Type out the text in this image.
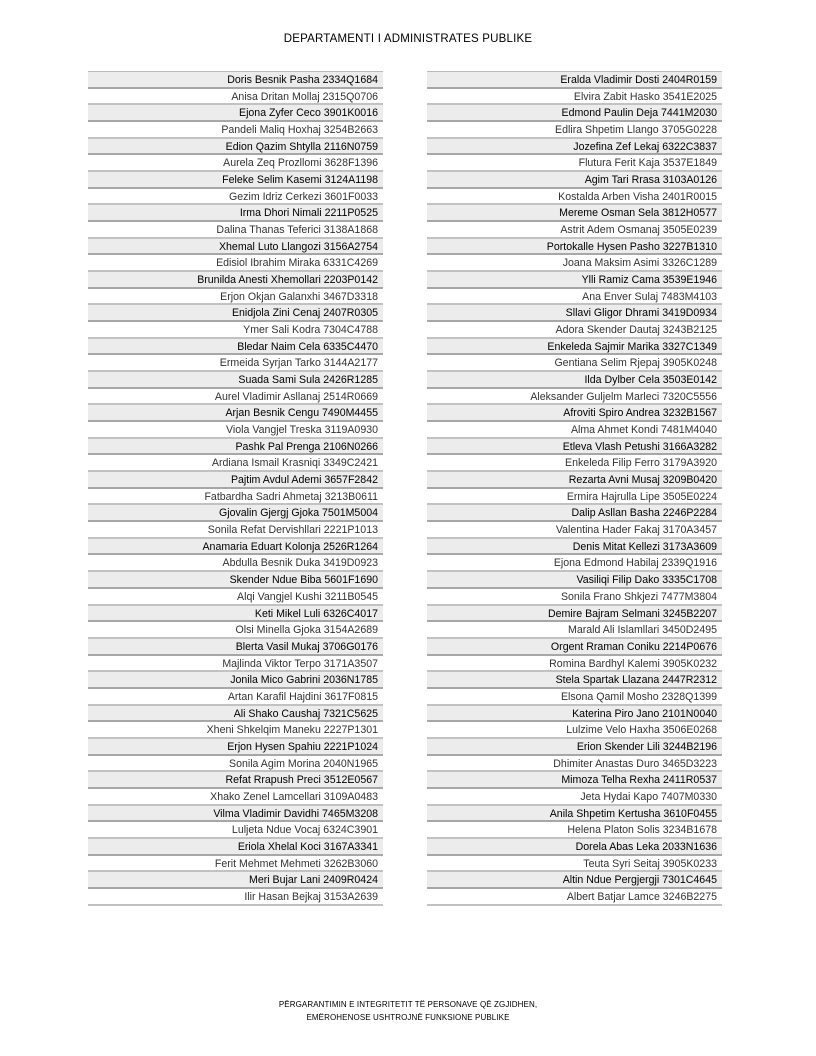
DEPARTAMENTI I ADMINISTRATES PUBLIKE
Doris Besnik Pasha 2334Q1684
Anisa Dritan Mollaj 2315Q0706
Ejona Zyfer Ceco 3901K0016
Pandeli Maliq Hoxhaj 3254B2663
Edion Qazim Shtylla 2116N0759
Aurela Zeq Prozllomi 3628F1396
Feleke Selim Kasemi 3124A1198
Gezim Idriz Cerkezi 3601F0033
Irma Dhori Nimali 2211P0525
Dalina Thanas Teferici 3138A1868
Xhemal Luto Llangozi 3156A2754
Edisiol Ibrahim Miraka 6331C4269
Brunilda Anesti Xhemollari 2203P0142
Erjon Okjan Galanxhi 3467D3318
Enidjola Zini Cenaj 2407R0305
Ymer Sali Kodra 7304C4788
Bledar Naim Cela 6335C4470
Ermeida Syrjan Tarko 3144A2177
Suada Sami Sula 2426R1285
Aurel Vladimir Asllanaj 2514R0669
Arjan Besnik Cengu 7490M4455
Viola Vangjel Treska 3119A0930
Pashk Pal Prenga 2106N0266
Ardiana Ismail Krasniqi 3349C2421
Pajtim Avdul Ademi 3657F2842
Fatbardha Sadri Ahmetaj 3213B0611
Gjovalin Gjergj Gjoka 7501M5004
Sonila Refat Dervishllari 2221P1013
Anamaria Eduart Kolonja 2526R1264
Abdulla Besnik Duka 3419D0923
Skender Ndue Biba 5601F1690
Alqi Vangjel Kushi 3211B0545
Keti Mikel Luli 6326C4017
Olsi Minella Gjoka 3154A2689
Blerta Vasil Mukaj 3706G0176
Majlinda Viktor Terpo 3171A3507
Jonila Mico Gabrini 2036N1785
Artan Karafil Hajdini 3617F0815
Ali Shako Caushaj 7321C5625
Xheni Shkelqim Maneku 2227P1301
Erjon Hysen Spahiu 2221P1024
Sonila Agim Morina 2040N1965
Refat Rrapush Preci 3512E0567
Xhako Zenel Lamcellari 3109A0483
Vilma Vladimir Davidhi 7465M3208
Luljeta Ndue Vocaj 6324C3901
Eriola Xhelal Koci 3167A3341
Ferit Mehmet Mehmeti 3262B3060
Meri Bujar Lani 2409R0424
Ilir Hasan Bejkaj 3153A2639
Eralda Vladimir Dosti 2404R0159
Elvira Zabit Hasko 3541E2025
Edmond Paulin Deja 7441M2030
Edlira Shpetim Llango 3705G0228
Jozefina Zef Lekaj 6322C3837
Flutura Ferit Kaja 3537E1849
Agim Tari Rrasa 3103A0126
Kostalda Arben Visha 2401R0015
Mereme Osman Sela 3812H0577
Astrit Adem Osmanaj 3505E0239
Portokalle Hysen Pasho 3227B1310
Joana Maksim Asimi 3326C1289
Ylli Ramiz Cama 3539E1946
Ana Enver Sulaj 7483M4103
Sllavi Gligor Dhrami 3419D0934
Adora Skender Dautaj 3243B2125
Enkeleda Sajmir Marika 3327C1349
Gentiana Selim Rjepaj 3905K0248
Ilda Dylber Cela 3503E0142
Aleksander Guljelm Marleci 7320C5556
Afroviti Spiro Andrea 3232B1567
Alma Ahmet Kondi 7481M4040
Etleva Vlash Petushi 3166A3282
Enkeleda Filip Ferro 3179A3920
Rezarta Avni Musaj 3209B0420
Ermira Hajrulla Lipe 3505E0224
Dalip Asllan Basha 2246P2284
Valentina Hader Fakaj 3170A3457
Denis Mitat Kellezi 3173A3609
Ejona Edmond Habilaj 2339Q1916
Vasiliqi Filip Dako 3335C1708
Sonila Frano Shkjezi 7477M3804
Demire Bajram Selmani 3245B2207
Marald Ali Islamllari 3450D2495
Orgent Rraman Coniku 2214P0676
Romina Bardhyl Kalemi 3905K0232
Stela Spartak Llazana 2447R2312
Elsona Qamil Mosho 2328Q1399
Katerina Piro Jano 2101N0040
Lulzime Velo Haxha 3506E0268
Erion Skender Lili 3244B2196
Dhimiter Anastas Duro 3465D3223
Mimoza Telha Rexha 2411R0537
Jeta Hydai Kapo 7407M0330
Anila Shpetim Kertusha 3610F0455
Helena Platon Solis 3234B1678
Dorela Abas Leka 2033N1636
Teuta Syri Seitaj 3905K0233
Altin Ndue Pergjergji 7301C4645
Albert Batjar Lamce 3246B2275
PËRGARANTIMIN E INTEGRITETIT TË PERSONAVE QË ZGJIDHEN,
EMËROHENOSE USHTROJNË FUNKSIONE PUBLIKE
